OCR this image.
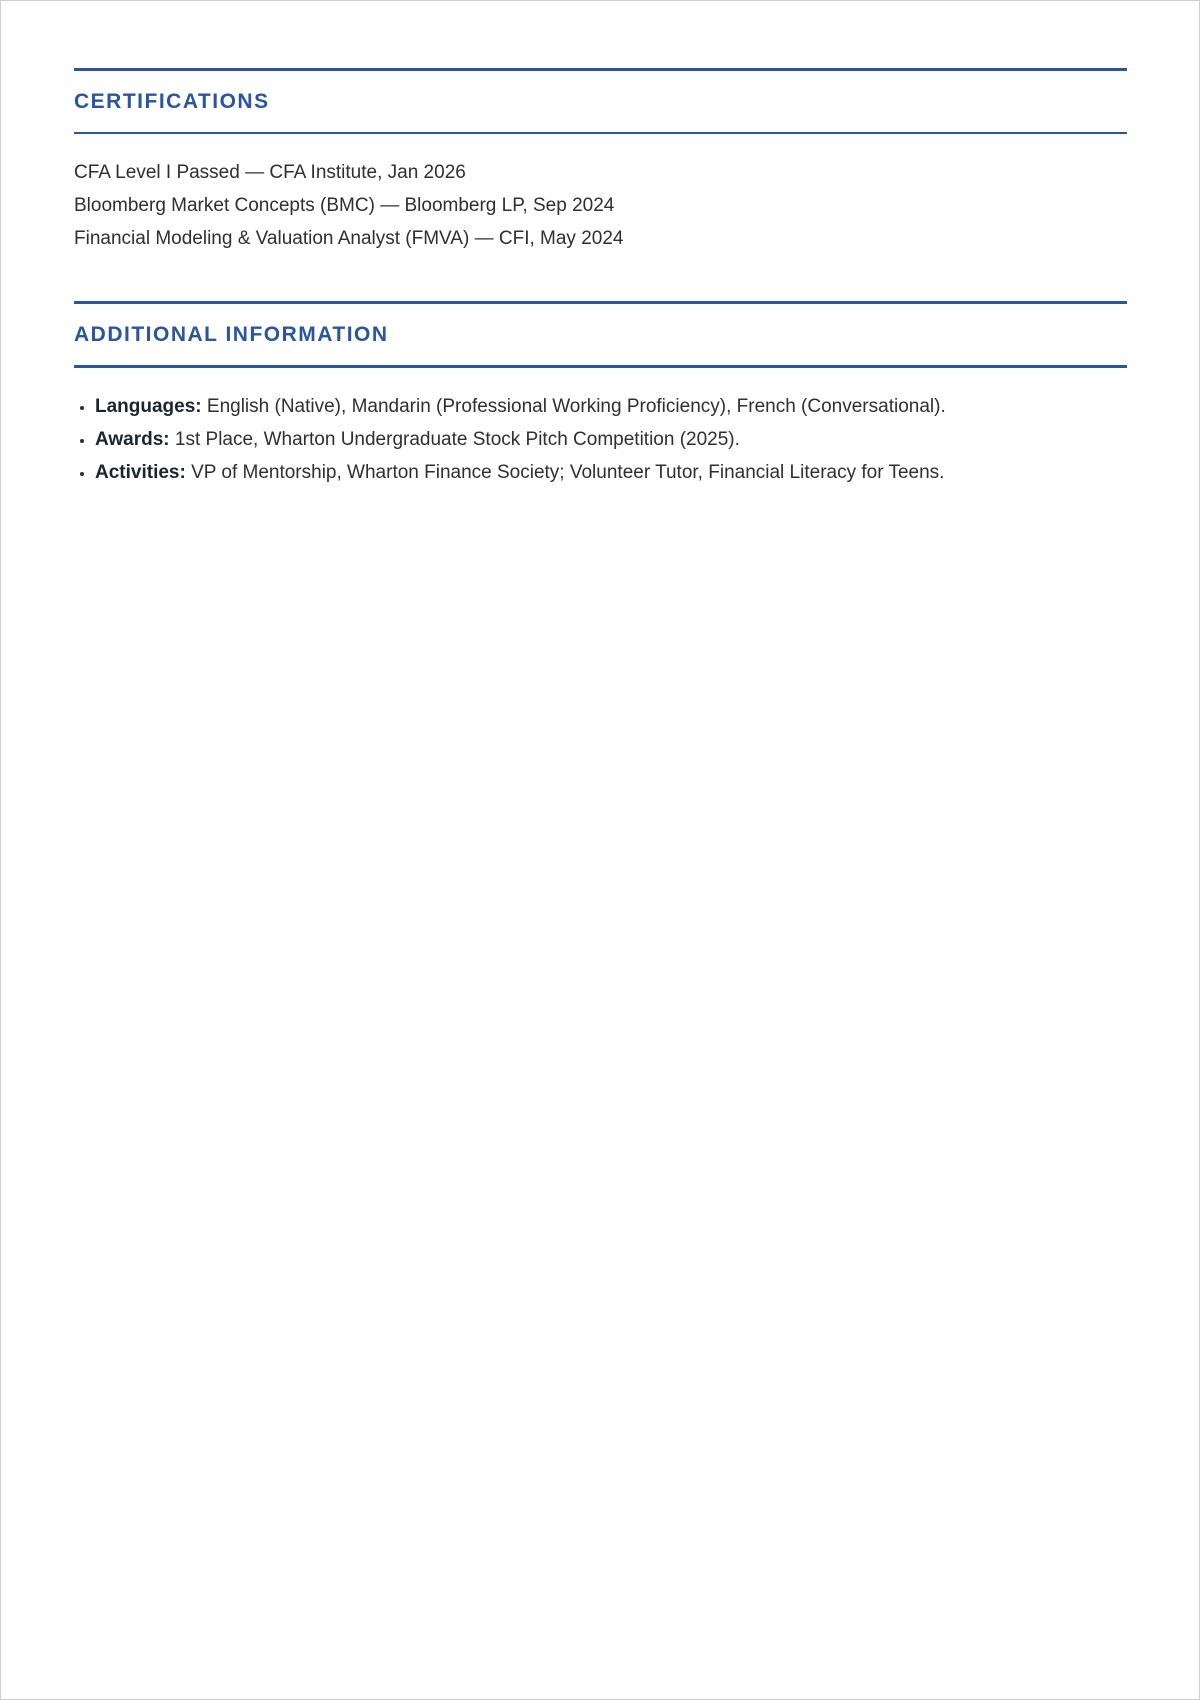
CERTIFICATIONS
CFA Level I Passed — CFA Institute, Jan 2026
Bloomberg Market Concepts (BMC) — Bloomberg LP, Sep 2024
Financial Modeling & Valuation Analyst (FMVA) — CFI, May 2024
ADDITIONAL INFORMATION
• Languages: English (Native), Mandarin (Professional Working Proficiency), French (Conversational).
• Awards: 1st Place, Wharton Undergraduate Stock Pitch Competition (2025).
• Activities: VP of Mentorship, Wharton Finance Society; Volunteer Tutor, Financial Literacy for Teens.
